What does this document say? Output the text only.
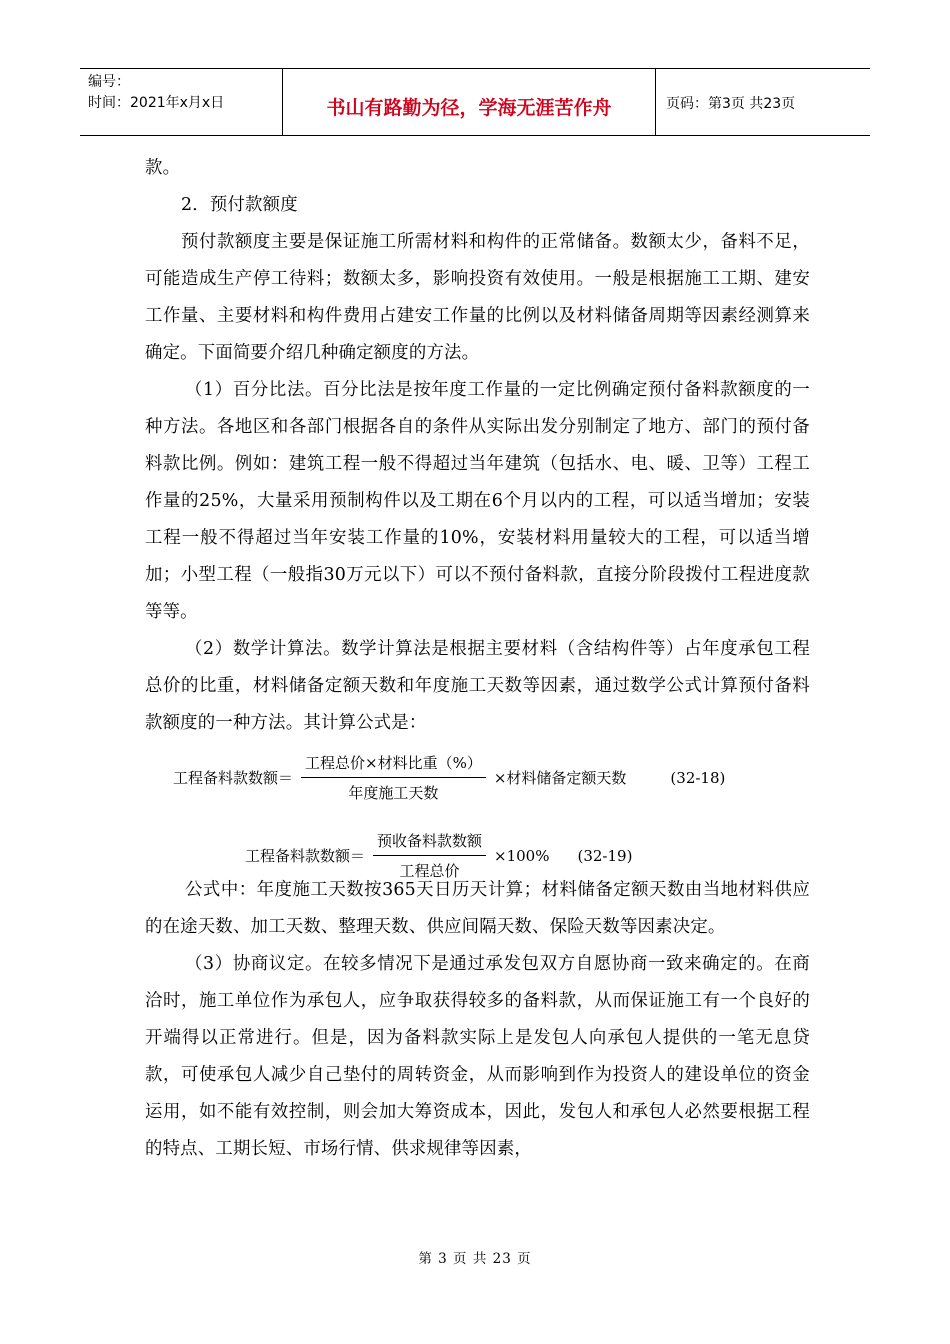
编号：
时间：2021年x月x日	书山有路勤为径，学海无涯苦作舟	页码：第3页 共23页

款。

2．预付款额度

预付款额度主要是保证施工所需材料和构件的正常储备。数额太少，备料不足，可能造成生产停工待料；数额太多，影响投资有效使用。一般是根据施工工期、建安工作量、主要材料和构件费用占建安工作量的比例以及材料储备周期等因素经测算来确定。下面简要介绍几种确定额度的方法。

（1）百分比法。百分比法是按年度工作量的一定比例确定预付备料款额度的一种方法。各地区和各部门根据各自的条件从实际出发分别制定了地方、部门的预付备料款比例。例如：建筑工程一般不得超过当年建筑（包括水、电、暖、卫等）工程工作量的25%，大量采用预制构件以及工期在6个月以内的工程，可以适当增加；安装工程一般不得超过当年安装工作量的10%，安装材料用量较大的工程，可以适当增加；小型工程（一般指30万元以下）可以不预付备料款，直接分阶段拨付工程进度款等等。

（2）数学计算法。数学计算法是根据主要材料（含结构件等）占年度承包工程总价的比重，材料储备定额天数和年度施工天数等因素，通过数学公式计算预付备料款额度的一种方法。其计算公式是：

工程备料款数额＝ $\frac{\text{工程总价×材料比重（\%）}}{\text{年度施工天数}}$ ×材料储备定额天数	(32-18)
工程备料款数额＝ $\frac{\text{预收备料款数额}}{\text{工程总价}} \times 100\%$ (32-19)

公式中：年度施工天数按365天日历天计算；材料储备定额天数由当地材料供应的在途天数、加工天数、整理天数、供应间隔天数、保险天数等因素决定。

（3）协商议定。在较多情况下是通过承发包双方自愿协商一致来确定的。在商洽时，施工单位作为承包人，应争取获得较多的备料款，从而保证施工有一个良好的开端得以正常进行。但是，因为备料款实际上是发包人向承包人提供的一笔无息贷款，可使承包人减少自己垫付的周转资金，从而影响到作为投资人的建设单位的资金运用，如不能有效控制，则会加大筹资成本，因此，发包人和承包人必然要根据工程的特点、工期长短、市场行情、供求规律等因素，

第 3 页 共 23 页
